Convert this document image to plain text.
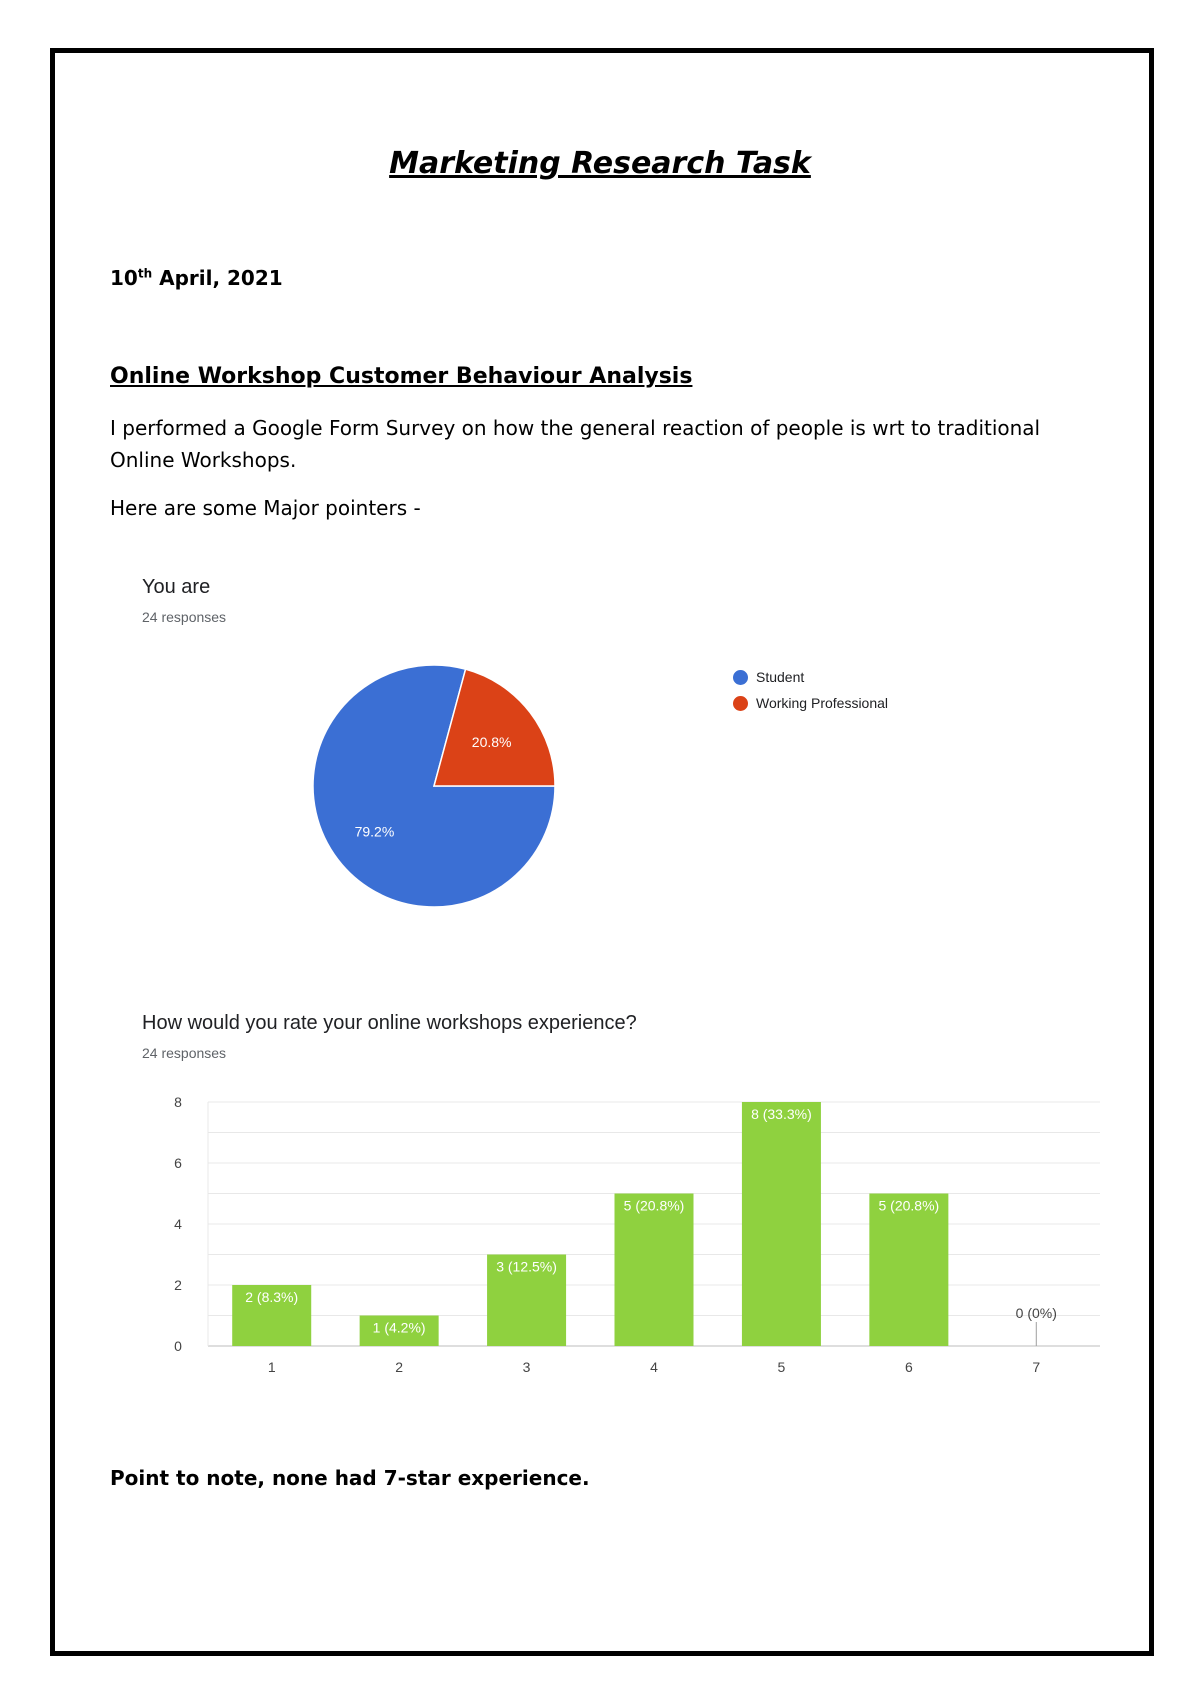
Marketing Research Task
10th April, 2021
Online Workshop Customer Behaviour Analysis
I performed a Google Form Survey on how the general reaction of people is wrt to traditional Online Workshops.
Here are some Major pointers -
You are
24 responses
79.2%
20.8%
Student
Working Professional
How would you rate your online workshops experience?
24 responses
0
2
4
6
8
2 (8.3%)
1
1 (4.2%)
2
3 (12.5%)
3
5 (20.8%)
4
8 (33.3%)
5
5 (20.8%)
6
0 (0%)
7
Point to note, none had 7-star experience.
